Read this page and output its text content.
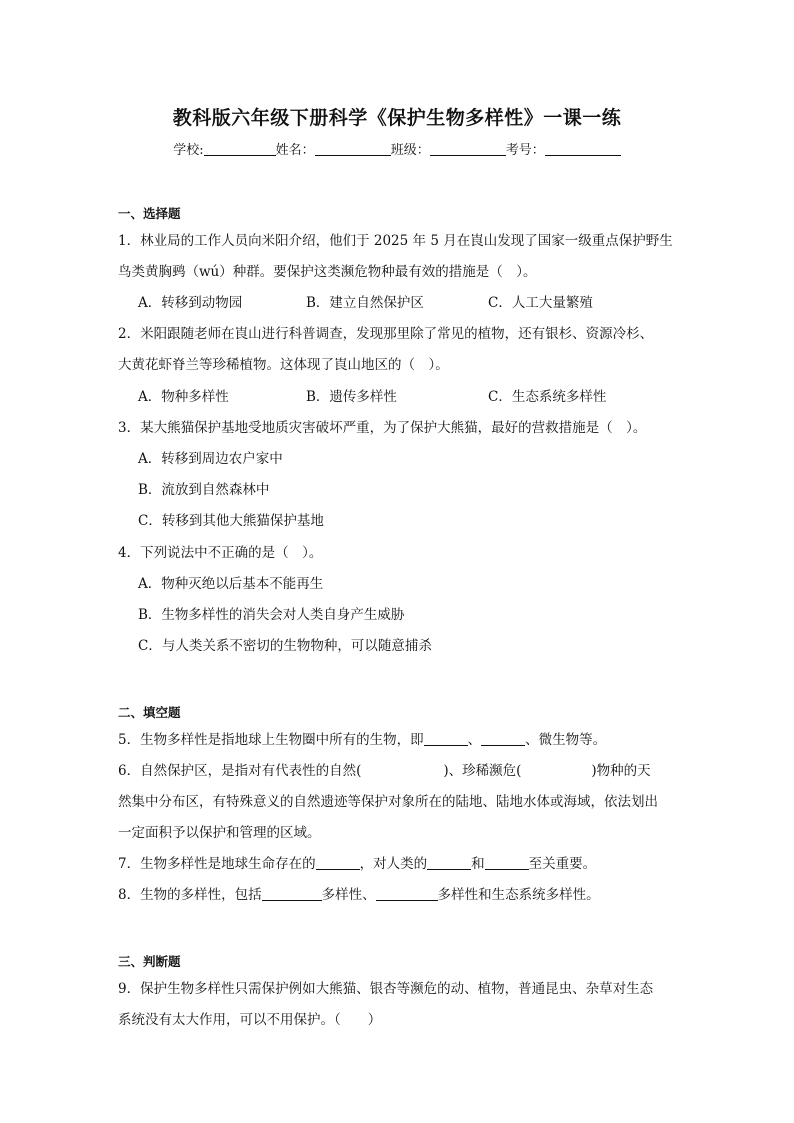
教科版六年级下册科学《保护生物多样性》一课一练
学校:	姓名：	班级：	考号：
一、选择题
1．林业局的工作人员向米阳介绍，他们于 2025 年 5 月在崀山发现了国家一级重点保护野生
鸟类黄胸鹀（wú）种群。要保护这类濒危物种最有效的措施是（　）。
A．转移到动物园	B．建立自然保护区	C．人工大量繁殖
2．米阳跟随老师在崀山进行科普调查，发现那里除了常见的植物，还有银杉、资源冷杉、
大黄花虾脊兰等珍稀植物。这体现了崀山地区的（　）。
A．物种多样性	B．遗传多样性	C．生态系统多样性
3．某大熊猫保护基地受地质灾害破坏严重，为了保护大熊猫，最好的营救措施是（　）。
A．转移到周边农户家中
B．流放到自然森林中
C．转移到其他大熊猫保护基地
4．下列说法中不正确的是（　）。
A．物种灭绝以后基本不能再生
B．生物多样性的消失会对人类自身产生威胁
C．与人类关系不密切的生物物种，可以随意捕杀
二、填空题
5．生物多样性是指地球上生物圈中所有的生物，即	、	、微生物等。
6．自然保护区，是指对有代表性的自然(	)、珍稀濒危(	)物种的天
然集中分布区，有特殊意义的自然遗迹等保护对象所在的陆地、陆地水体或海域，依法划出
一定面积予以保护和管理的区域。
7．生物多样性是地球生命存在的	，对人类的	和	至关重要。
8．生物的多样性，包括	多样性、	多样性和生态系统多样性。
三、判断题
9．保护生物多样性只需保护例如大熊猫、银杏等濒危的动、植物，普通昆虫、杂草对生态
系统没有太大作用，可以不用保护。（　　）
